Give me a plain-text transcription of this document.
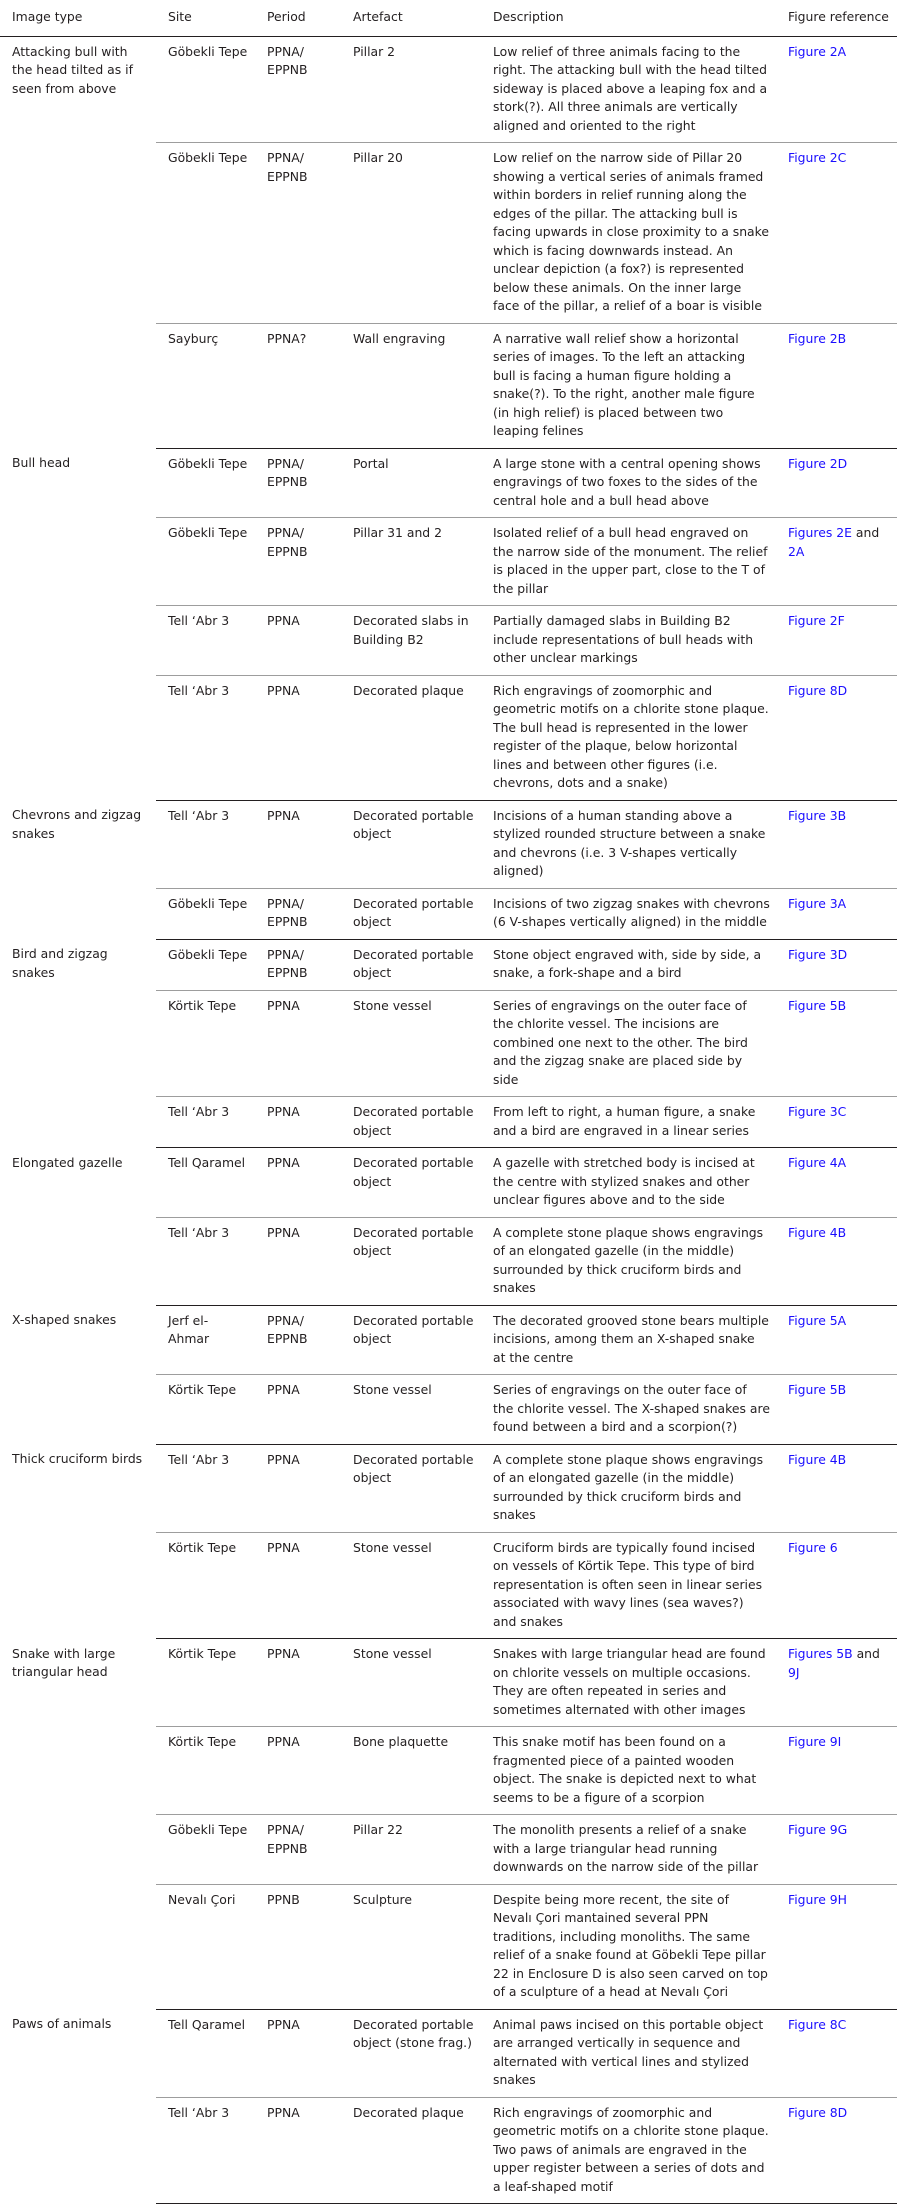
Image type	Site	Period	Artefact	Description	Figure reference
Attacking bull with the head tilted as if seen from above	Göbekli Tepe	PPNA/ EPPNB	Pillar 2	Low relief of three animals facing to the right. The attacking bull with the head tilted sideway is placed above a leaping fox and a stork(?). All three animals are vertically aligned and oriented to the right	Figure 2A
	Göbekli Tepe	PPNA/ EPPNB	Pillar 20	Low relief on the narrow side of Pillar 20 showing a vertical series of animals framed within borders in relief running along the edges of the pillar. The attacking bull is facing upwards in close proximity to a snake which is facing downwards instead. An unclear depiction (a fox?) is represented below these animals. On the inner large face of the pillar, a relief of a boar is visible	Figure 2C
	Sayburç	PPNA?	Wall engraving	A narrative wall relief show a horizontal series of images. To the left an attacking bull is facing a human figure holding a snake(?). To the right, another male figure (in high relief) is placed between two leaping felines	Figure 2B
Bull head	Göbekli Tepe	PPNA/ EPPNB	Portal	A large stone with a central opening shows engravings of two foxes to the sides of the central hole and a bull head above	Figure 2D
	Göbekli Tepe	PPNA/ EPPNB	Pillar 31 and 2	Isolated relief of a bull head engraved on the narrow side of the monument. The relief is placed in the upper part, close to the T of the pillar	Figures 2E and 2A
	Tell ‘Abr 3	PPNA	Decorated slabs in Building B2	Partially damaged slabs in Building B2 include representations of bull heads with other unclear markings	Figure 2F
	Tell ‘Abr 3	PPNA	Decorated plaque	Rich engravings of zoomorphic and geometric motifs on a chlorite stone plaque. The bull head is represented in the lower register of the plaque, below horizontal lines and between other figures (i.e. chevrons, dots and a snake)	Figure 8D
Chevrons and zigzag snakes	Tell ‘Abr 3	PPNA	Decorated portable object	Incisions of a human standing above a stylized rounded structure between a snake and chevrons (i.e. 3 V-shapes vertically aligned)	Figure 3B
	Göbekli Tepe	PPNA/ EPPNB	Decorated portable object	Incisions of two zigzag snakes with chevrons (6 V-shapes vertically aligned) in the middle	Figure 3A
Bird and zigzag snakes	Göbekli Tepe	PPNA/ EPPNB	Decorated portable object	Stone object engraved with, side by side, a snake, a fork-shape and a bird	Figure 3D
	Körtik Tepe	PPNA	Stone vessel	Series of engravings on the outer face of the chlorite vessel. The incisions are combined one next to the other. The bird and the zigzag snake are placed side by side	Figure 5B
	Tell ‘Abr 3	PPNA	Decorated portable object	From left to right, a human figure, a snake and a bird are engraved in a linear series	Figure 3C
Elongated gazelle	Tell Qaramel	PPNA	Decorated portable object	A gazelle with stretched body is incised at the centre with stylized snakes and other unclear figures above and to the side	Figure 4A
	Tell ‘Abr 3	PPNA	Decorated portable object	A complete stone plaque shows engravings of an elongated gazelle (in the middle) surrounded by thick cruciform birds and snakes	Figure 4B
X-shaped snakes	Jerf el-Ahmar	PPNA/ EPPNB	Decorated portable object	The decorated grooved stone bears multiple incisions, among them an X-shaped snake at the centre	Figure 5A
	Körtik Tepe	PPNA	Stone vessel	Series of engravings on the outer face of the chlorite vessel. The X-shaped snakes are found between a bird and a scorpion(?)	Figure 5B
Thick cruciform birds	Tell ‘Abr 3	PPNA	Decorated portable object	A complete stone plaque shows engravings of an elongated gazelle (in the middle) surrounded by thick cruciform birds and snakes	Figure 4B
	Körtik Tepe	PPNA	Stone vessel	Cruciform birds are typically found incised on vessels of Körtik Tepe. This type of bird representation is often seen in linear series associated with wavy lines (sea waves?) and snakes	Figure 6
Snake with large triangular head	Körtik Tepe	PPNA	Stone vessel	Snakes with large triangular head are found on chlorite vessels on multiple occasions. They are often repeated in series and sometimes alternated with other images	Figures 5B and 9J
	Körtik Tepe	PPNA	Bone plaquette	This snake motif has been found on a fragmented piece of a painted wooden object. The snake is depicted next to what seems to be a figure of a scorpion	Figure 9I
	Göbekli Tepe	PPNA/ EPPNB	Pillar 22	The monolith presents a relief of a snake with a large triangular head running downwards on the narrow side of the pillar	Figure 9G
	Nevalı Çori	PPNB	Sculpture	Despite being more recent, the site of Nevalı Çori mantained several PPN traditions, including monoliths. The same relief of a snake found at Göbekli Tepe pillar 22 in Enclosure D is also seen carved on top of a sculpture of a head at Nevalı Çori	Figure 9H
Paws of animals	Tell Qaramel	PPNA	Decorated portable object (stone frag.)	Animal paws incised on this portable object are arranged vertically in sequence and alternated with vertical lines and stylized snakes	Figure 8C
	Tell ‘Abr 3	PPNA	Decorated plaque	Rich engravings of zoomorphic and geometric motifs on a chlorite stone plaque. Two paws of animals are engraved in the upper register between a series of dots and a leaf-shaped motif	Figure 8D
